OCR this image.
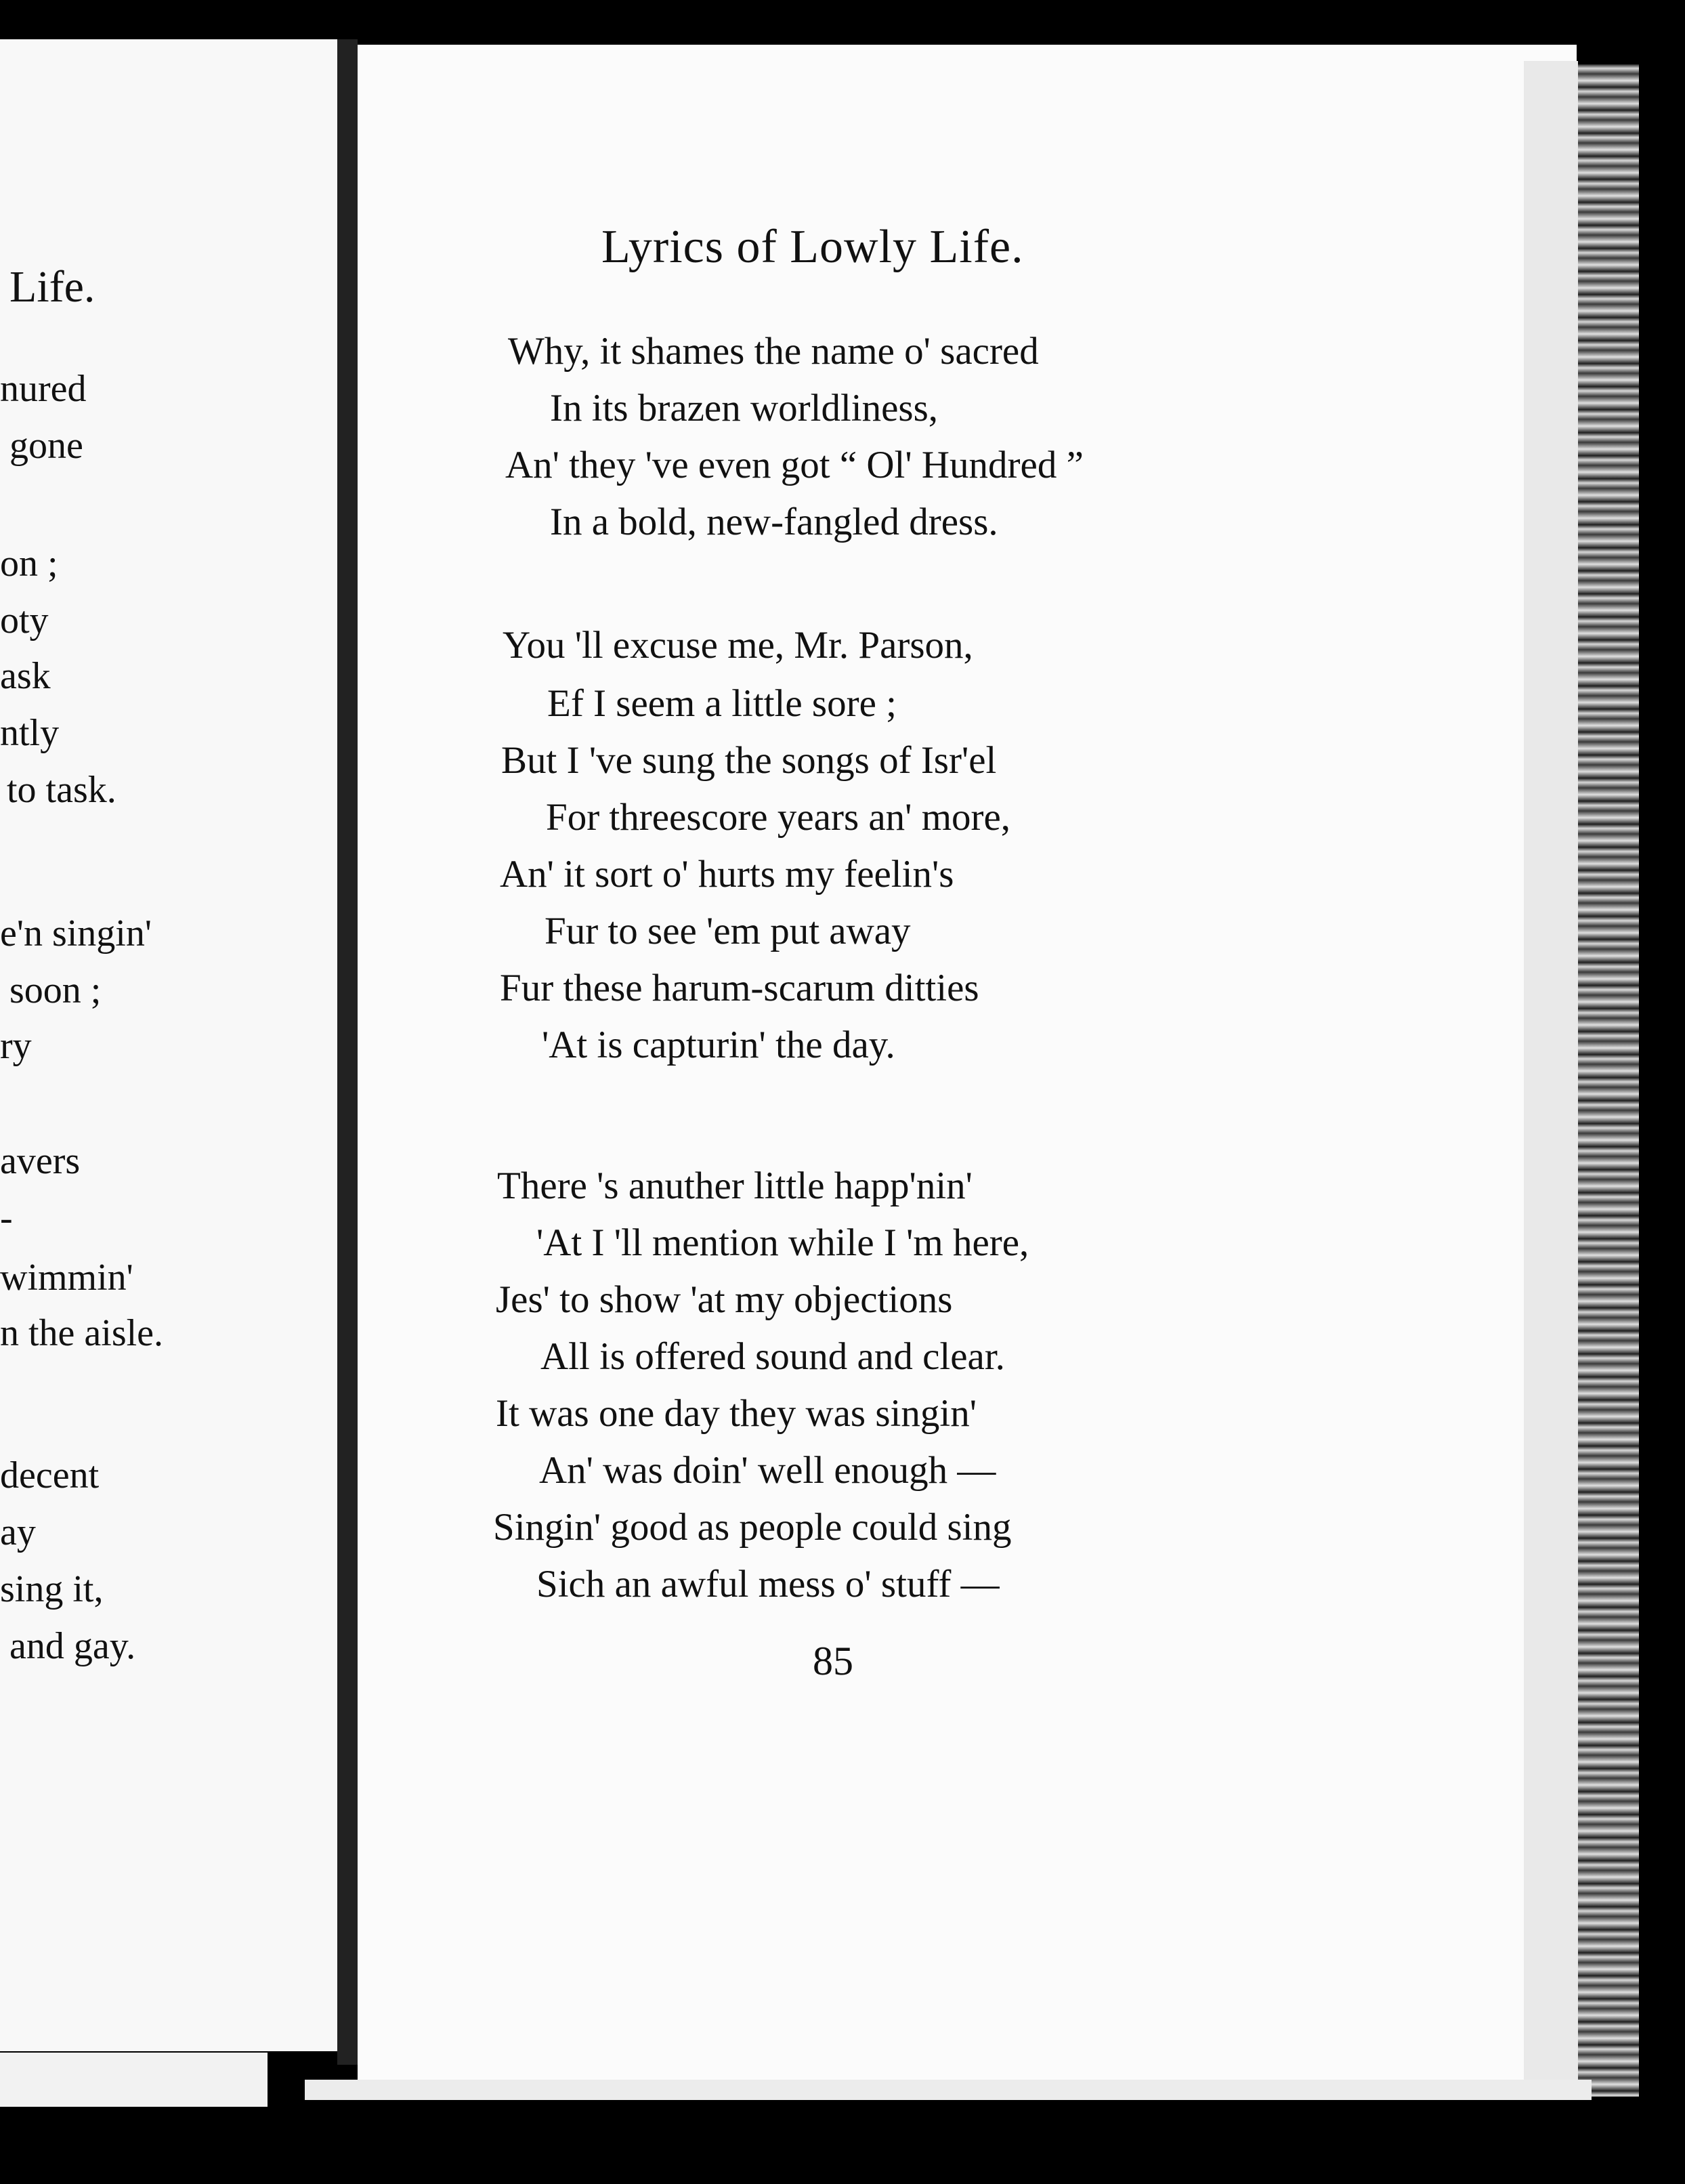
Life.
nured
gone
on ;
oty
ask
ntly
to task.
e'n singin'
soon ;
ry
avers
-
wimmin'
n the aisle.
decent
ay
sing it,
and gay.
Lyrics of Lowly Life.
Why, it shames the name o' sacred
In its brazen worldliness,
An' they 've even got “ Ol' Hundred ”
In a bold, new-fangled dress.
You 'll excuse me, Mr. Parson,
Ef I seem a little sore ;
But I 've sung the songs of Isr'el
For threescore years an' more,
An' it sort o' hurts my feelin's
Fur to see 'em put away
Fur these harum-scarum ditties
'At is capturin' the day.
There 's anuther little happ'nin'
'At I 'll mention while I 'm here,
Jes' to show 'at my objections
All is offered sound and clear.
It was one day they was singin'
An' was doin' well enough —
Singin' good as people could sing
Sich an awful mess o' stuff —
85
